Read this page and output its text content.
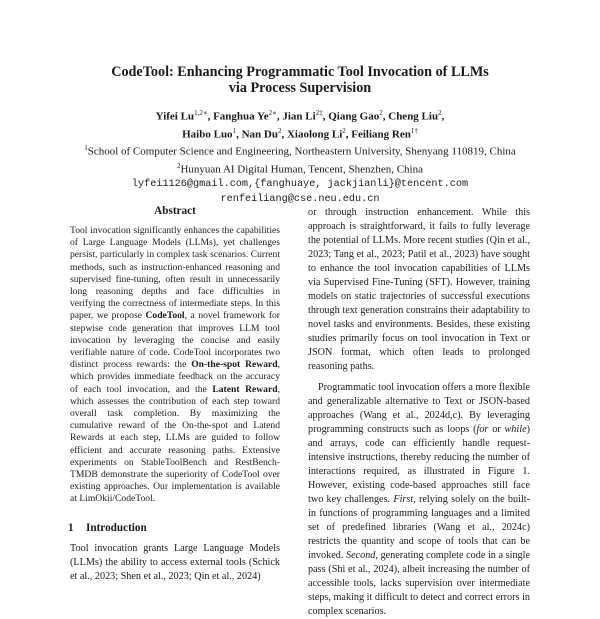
CodeTool: Enhancing Programmatic Tool Invocation of LLMs
via Process Supervision
Yifei $Lu^{1,2∗}$, Fanghua $Ye^{2∗}$, Jian $Li^{2\ddagger}$, Qiang Gao$^2$, Cheng Liu$^2$,
Haibo Luo$^1$, Nan Du$^2$, Xiaolong Li$^2$, Feiliang Ren$^{1\dagger}$
$^1$School of Computer Science and Engineering, Northeastern University, Shenyang 110819, China
$^2$Hunyuan AI Digital Human, Tencent, Shenzhen, China
lyfei1126@gmail.com,{fanghuaye, jackjianli}@tencent.com
renfeiliang@cse.neu.edu.cn
Abstract

Tool invocation significantly enhances the capabilities of Large Language Models (LLMs), yet challenges persist, particularly in complex task scenarios. Current methods, such as instruction-enhanced reasoning and supervised fine-tuning, often result in unnecessarily long reasoning depths and face difficulties in verifying the correctness of intermediate steps. In this paper, we propose CodeTool, a novel framework for stepwise code generation that improves LLM tool invocation by leveraging the concise and easily verifiable nature of code. CodeTool incorporates two distinct process rewards: the On-the-spot Reward, which provides immediate feedback on the accuracy of each tool invocation, and the Latent Reward, which assesses the contribution of each step toward overall task completion. By maximizing the cumulative reward of the On-the-spot and Latend Rewards at each step, LLMs are guided to follow efficient and accurate reasoning paths. Extensive experiments on StableToolBench and RestBench-TMDB demonstrate the superiority of CodeTool over existing approaches. Our implementation is available at LimOkii/CodeTool.

1 Introduction

Tool invocation grants Large Language Models (LLMs) the ability to access external tools (Schick et al., 2023; Shen et al., 2023; Qin et al., 2024)

or through instruction enhancement. While this approach is straightforward, it fails to fully leverage the potential of LLMs. More recent studies (Qin et al., 2023; Tang et al., 2023; Patil et al., 2023) have sought to enhance the tool invocation capabilities of LLMs via Supervised Fine-Tuning (SFT). However, training models on static trajectories of successful executions through text generation constrains their adaptability to novel tasks and environments. Besides, these existing studies primarily focus on tool invocation in Text or JSON format, which often leads to prolonged reasoning paths.

Programmatic tool invocation offers a more flexible and generalizable alternative to Text or JSON-based approaches (Wang et al., 2024d,c). By leveraging programming constructs such as loops (for or while) and arrays, code can efficiently handle request-intensive instructions, thereby reducing the number of interactions required, as illustrated in Figure 1. However, existing code-based approaches still face two key challenges. First, relying solely on the built-in functions of programming languages and a limited set of predefined libraries (Wang et al., 2024c) restricts the quantity and scope of tools that can be invoked. Second, generating complete code in a single pass (Shi et al., 2024), albeit increasing the number of accessible tools, lacks supervision over intermediate steps, making it difficult to detect and correct errors in complex scenarios.
